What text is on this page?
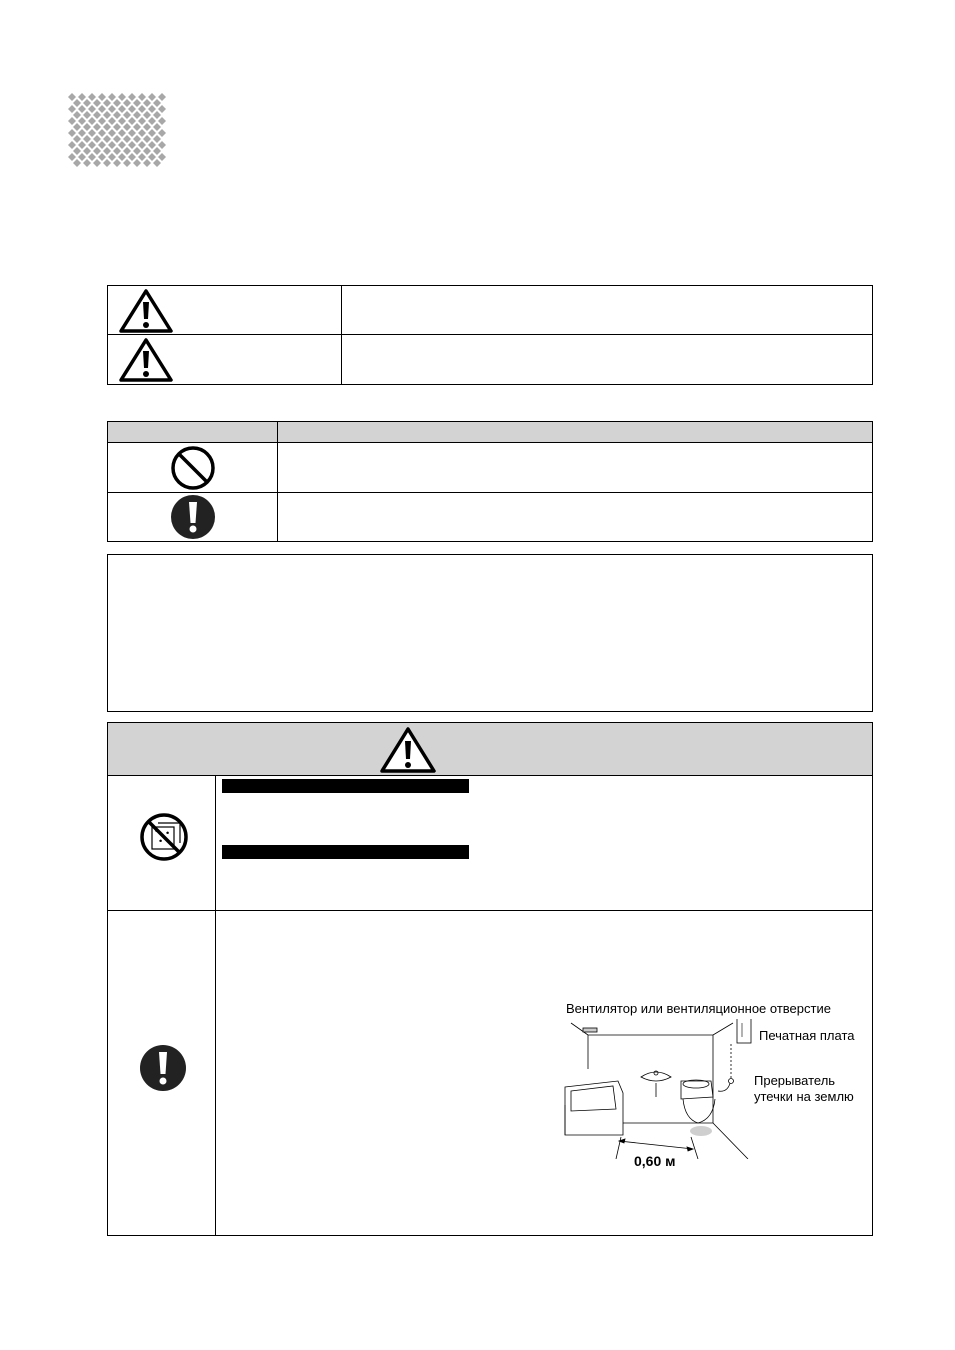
Вентилятор или вентиляционное отверстие
Печатная плата
Прерыватель
утечки на землю
0,60 м
